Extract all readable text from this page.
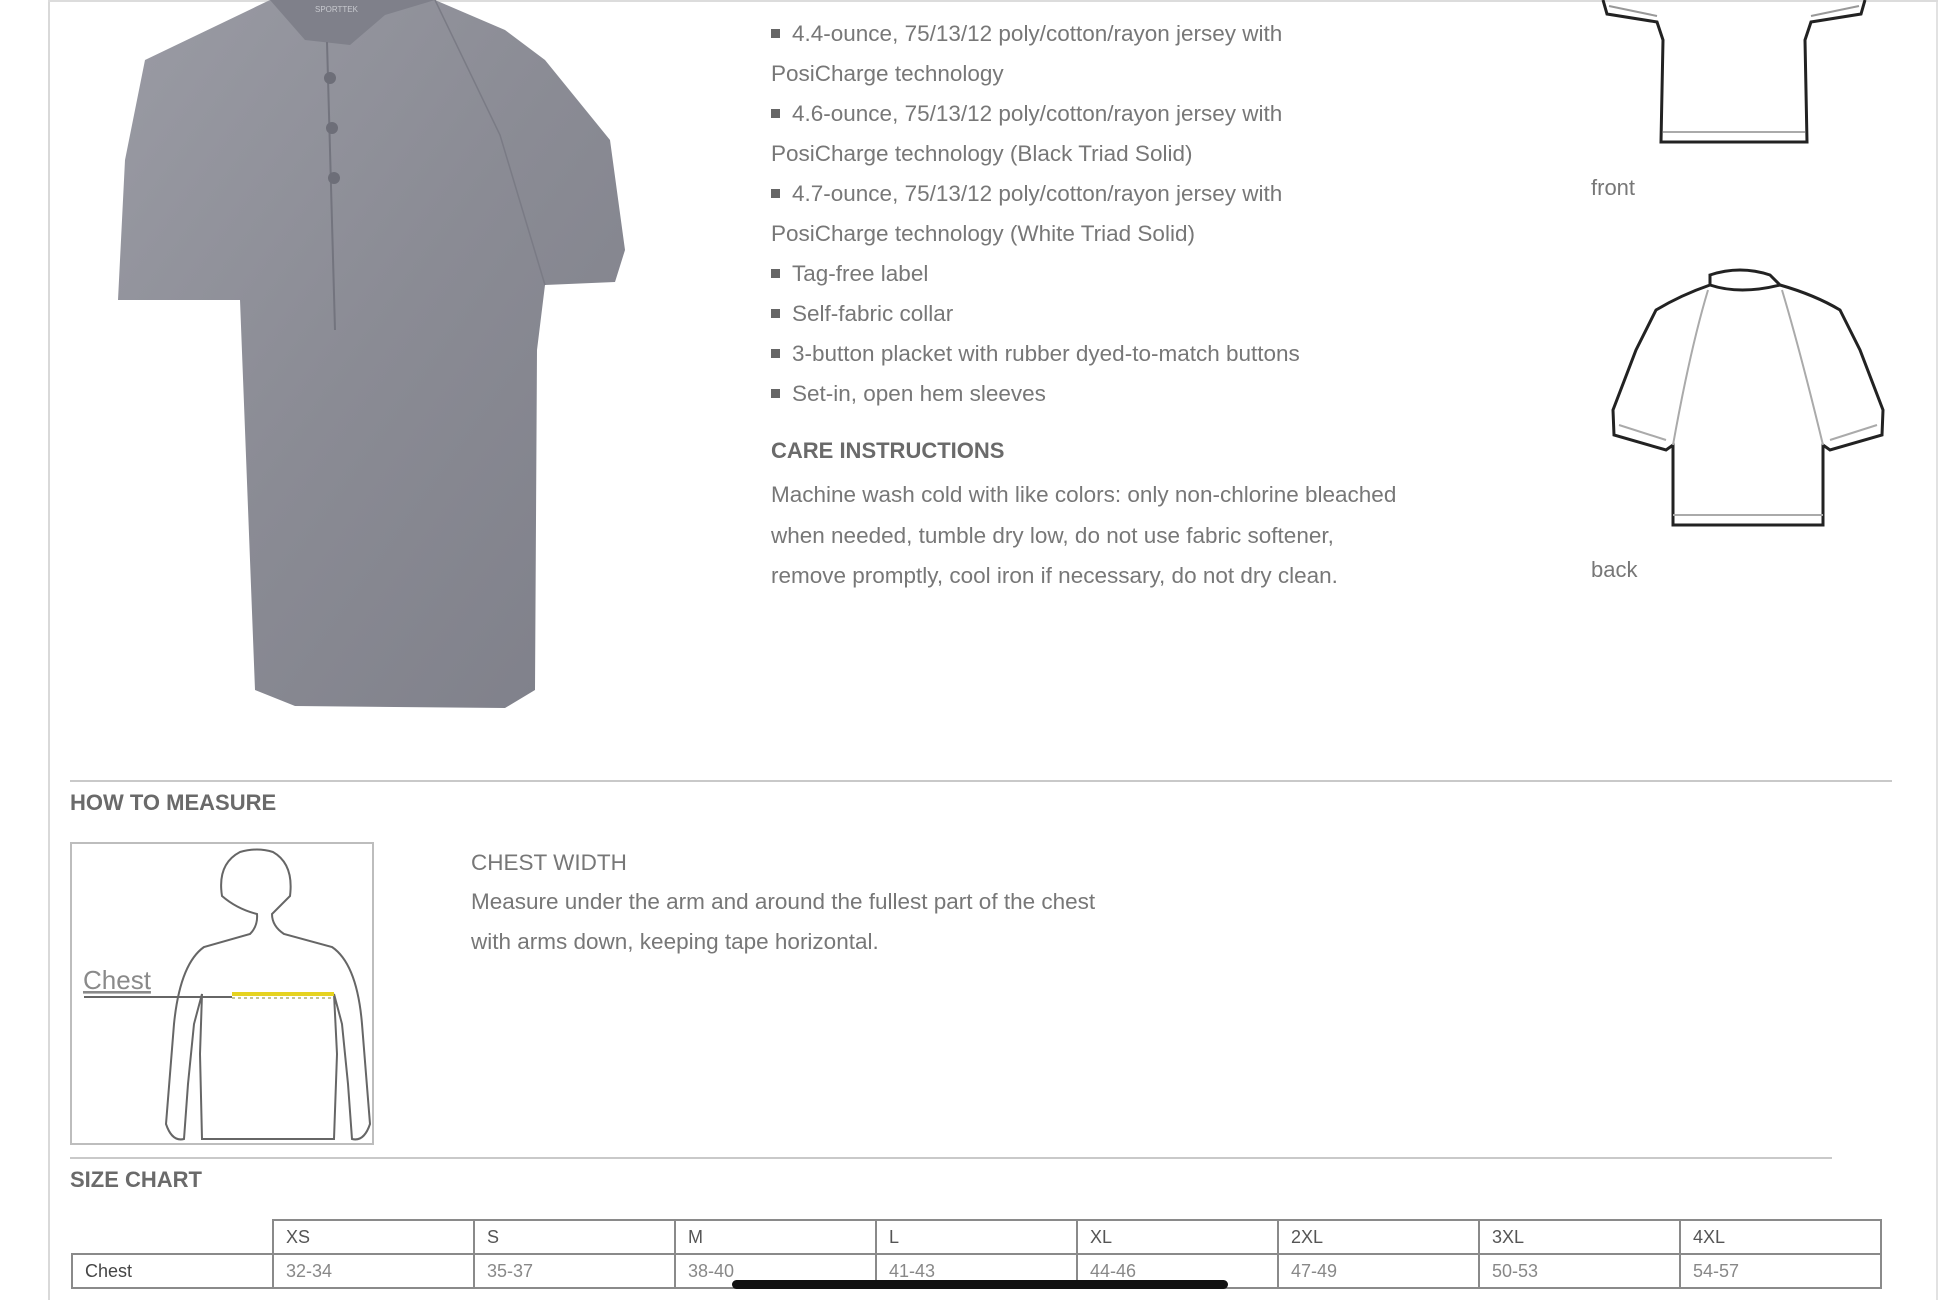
SPORTTEK
4.4-ounce, 75/13/12 poly/cotton/rayon jersey with PosiCharge technology
4.6-ounce, 75/13/12 poly/cotton/rayon jersey with PosiCharge technology (Black Triad Solid)
4.7-ounce, 75/13/12 poly/cotton/rayon jersey with PosiCharge technology (White Triad Solid)
Tag-free label
Self-fabric collar
3-button placket with rubber dyed-to-match buttons
Set-in, open hem sleeves
CARE INSTRUCTIONS
Machine wash cold with like colors: only non-chlorine bleached when needed, tumble dry low, do not use fabric softener, remove promptly, cool iron if necessary, do not dry clean.
front
back
HOW TO MEASURE
Chest
CHEST WIDTH
Measure under the arm and around the fullest part of the chest with arms down, keeping tape horizontal.
SIZE CHART
	XS	S	M	L	XL	2XL	3XL	4XL
Chest	32-34	35-37	38-40	41-43	44-46	47-49	50-53	54-57
